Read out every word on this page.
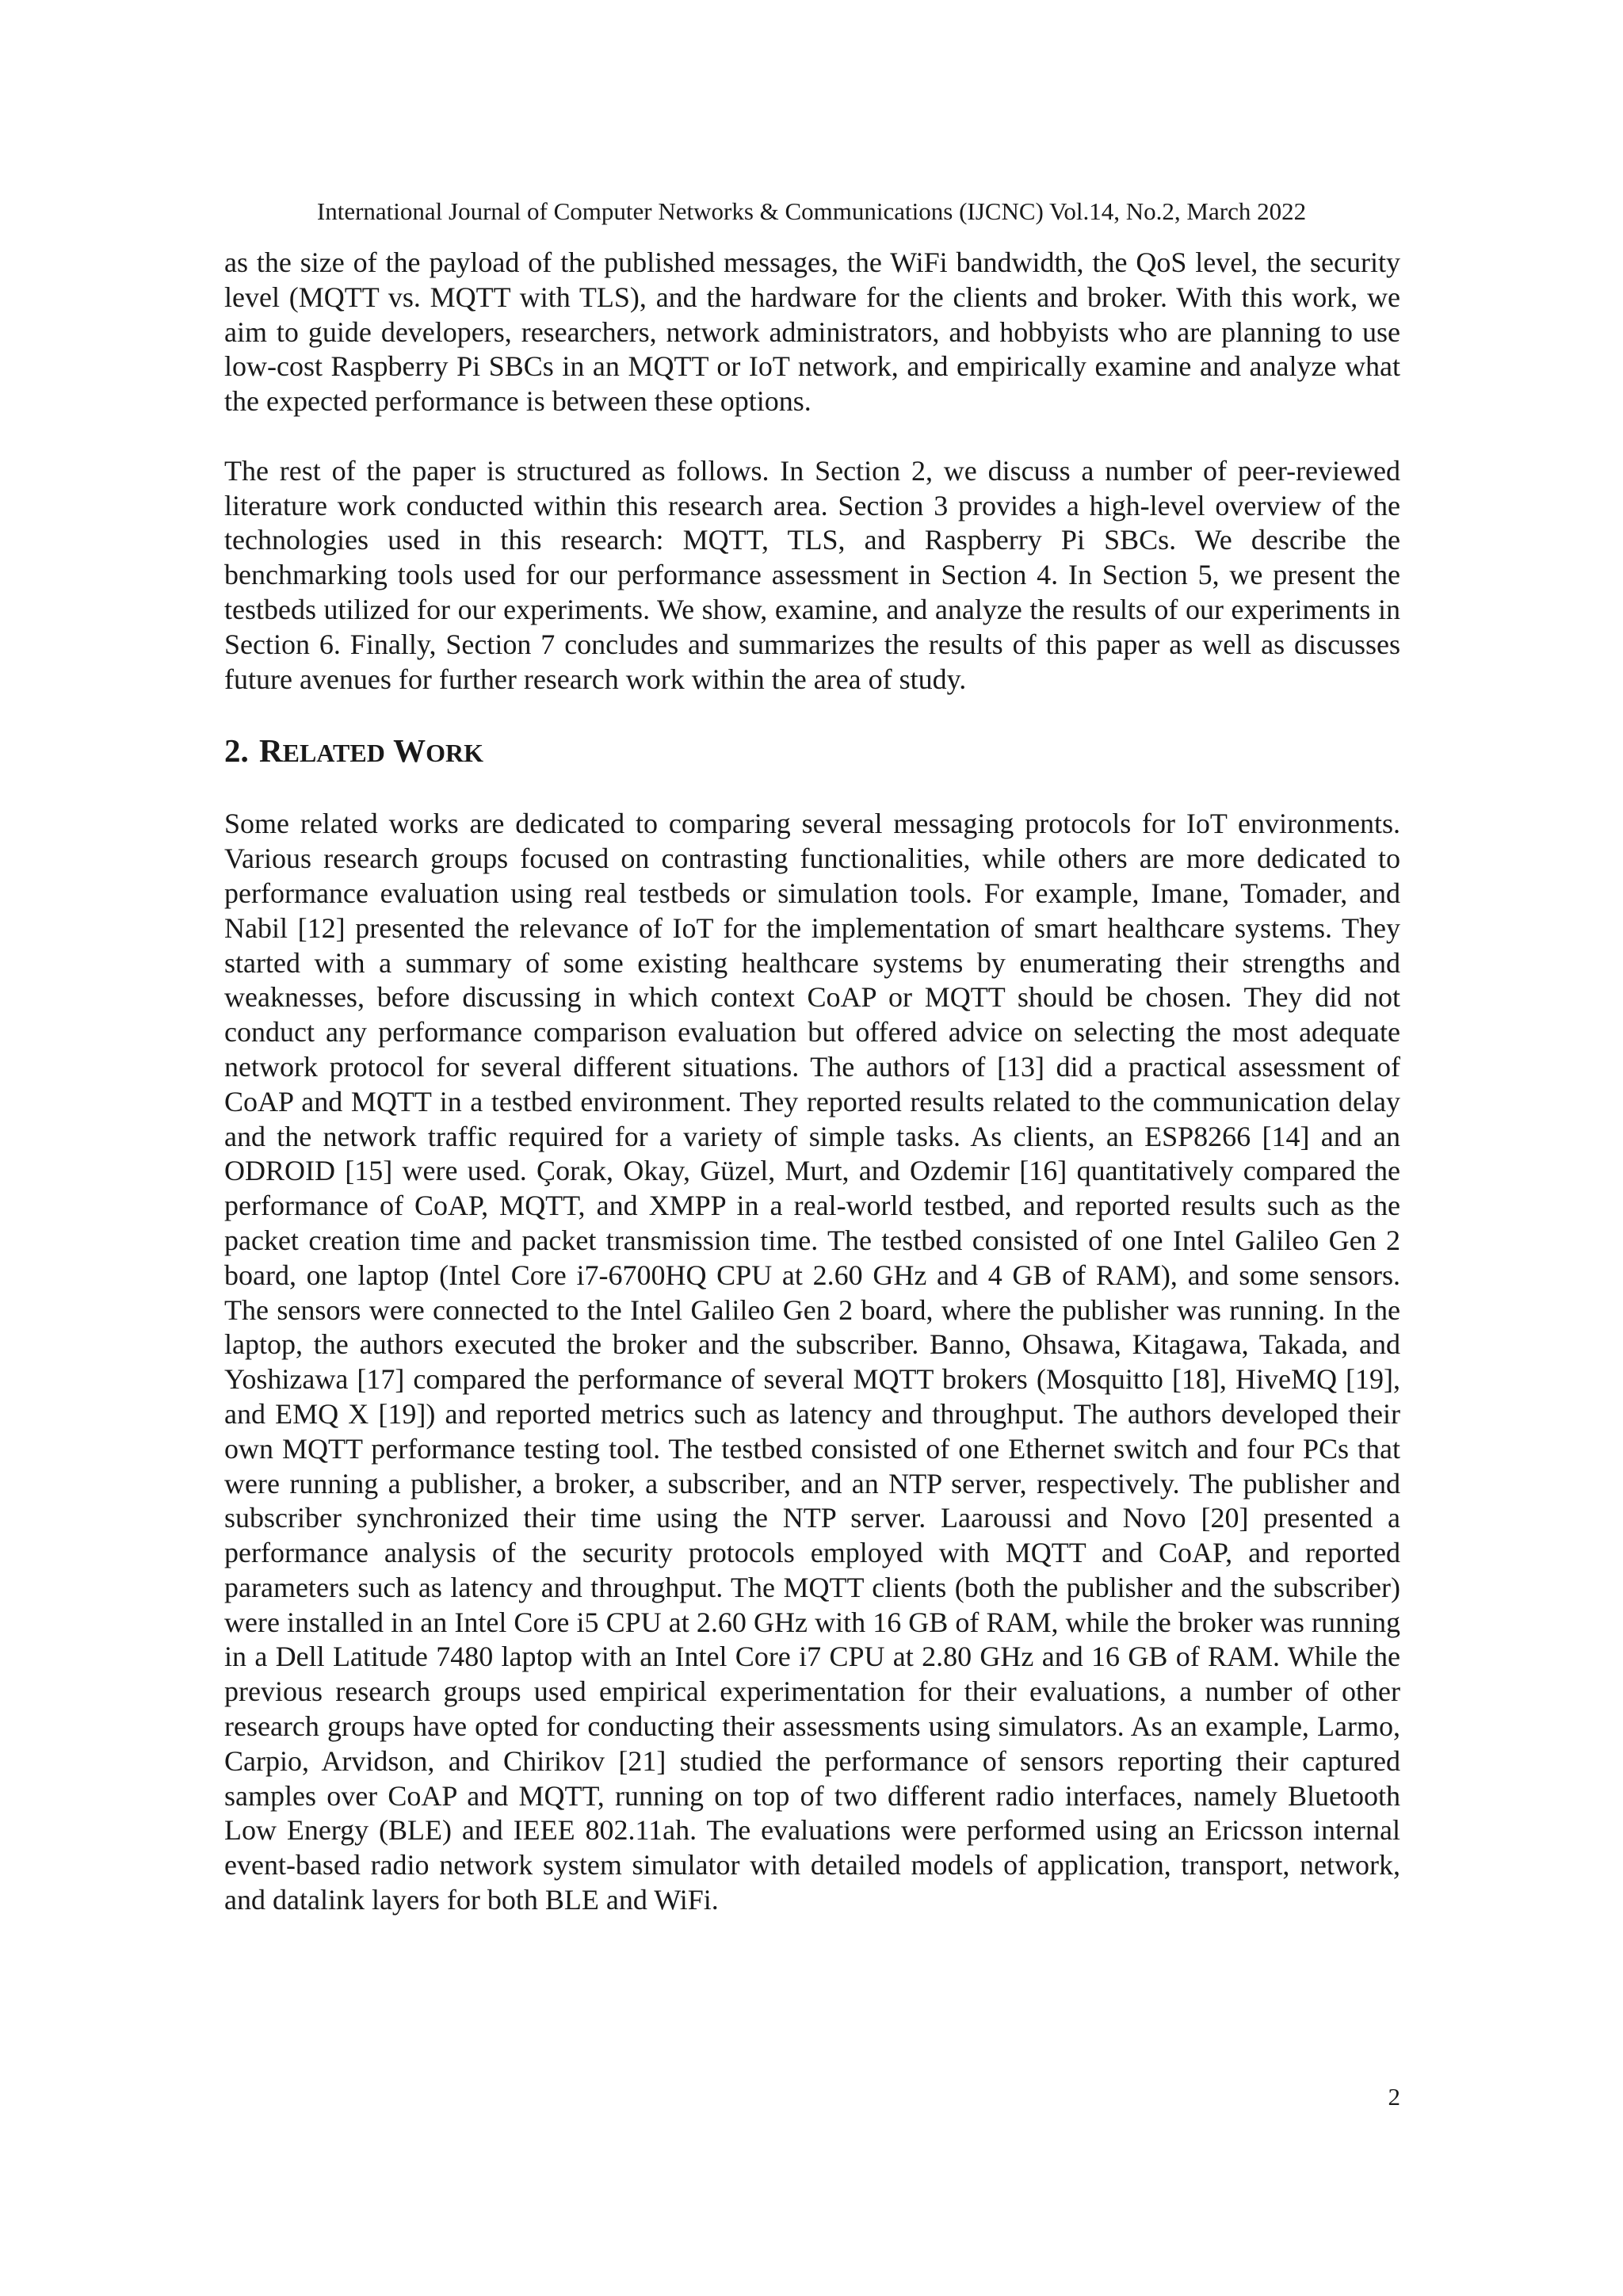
International Journal of Computer Networks & Communications (IJCNC) Vol.14, No.2, March 2022

as the size of the payload of the published messages, the WiFi bandwidth, the QoS level, the security level (MQTT vs. MQTT with TLS), and the hardware for the clients and broker. With this work, we aim to guide developers, researchers, network administrators, and hobbyists who are planning to use low-cost Raspberry Pi SBCs in an MQTT or IoT network, and empirically examine and analyze what the expected performance is between these options.

The rest of the paper is structured as follows. In Section 2, we discuss a number of peer-reviewed literature work conducted within this research area. Section 3 provides a high-level overview of the technologies used in this research: MQTT, TLS, and Raspberry Pi SBCs. We describe the benchmarking tools used for our performance assessment in Section 4. In Section 5, we present the testbeds utilized for our experiments. We show, examine, and analyze the results of our experiments in Section 6. Finally, Section 7 concludes and summarizes the results of this paper as well as discusses future avenues for further research work within the area of study.

2. RELATED WORK

Some related works are dedicated to comparing several messaging protocols for IoT environments. Various research groups focused on contrasting functionalities, while others are more dedicated to performance evaluation using real testbeds or simulation tools. For example, Imane, Tomader, and Nabil [12] presented the relevance of IoT for the implementation of smart healthcare systems. They started with a summary of some existing healthcare systems by enumerating their strengths and weaknesses, before discussing in which context CoAP or MQTT should be chosen. They did not conduct any performance comparison evaluation but offered advice on selecting the most adequate network protocol for several different situations. The authors of [13] did a practical assessment of CoAP and MQTT in a testbed environment. They reported results related to the communication delay and the network traffic required for a variety of simple tasks. As clients, an ESP8266 [14] and an ODROID [15] were used. Çorak, Okay, Güzel, Murt, and Ozdemir [16] quantitatively compared the performance of CoAP, MQTT, and XMPP in a real-world testbed, and reported results such as the packet creation time and packet transmission time. The testbed consisted of one Intel Galileo Gen 2 board, one laptop (Intel Core i7-6700HQ CPU at 2.60 GHz and 4 GB of RAM), and some sensors. The sensors were connected to the Intel Galileo Gen 2 board, where the publisher was running. In the laptop, the authors executed the broker and the subscriber. Banno, Ohsawa, Kitagawa, Takada, and Yoshizawa [17] compared the performance of several MQTT brokers (Mosquitto [18], HiveMQ [19], and EMQ X [19]) and reported metrics such as latency and throughput. The authors developed their own MQTT performance testing tool. The testbed consisted of one Ethernet switch and four PCs that were running a publisher, a broker, a subscriber, and an NTP server, respectively. The publisher and subscriber synchronized their time using the NTP server. Laaroussi and Novo [20] presented a performance analysis of the security protocols employed with MQTT and CoAP, and reported parameters such as latency and throughput. The MQTT clients (both the publisher and the subscriber) were installed in an Intel Core i5 CPU at 2.60 GHz with 16 GB of RAM, while the broker was running in a Dell Latitude 7480 laptop with an Intel Core i7 CPU at 2.80 GHz and 16 GB of RAM. While the previous research groups used empirical experimentation for their evaluations, a number of other research groups have opted for conducting their assessments using simulators. As an example, Larmo, Carpio, Arvidson, and Chirikov [21] studied the performance of sensors reporting their captured samples over CoAP and MQTT, running on top of two different radio interfaces, namely Bluetooth Low Energy (BLE) and IEEE 802.11ah. The evaluations were performed using an Ericsson internal event-based radio network system simulator with detailed models of application, transport, network, and datalink layers for both BLE and WiFi.

2
